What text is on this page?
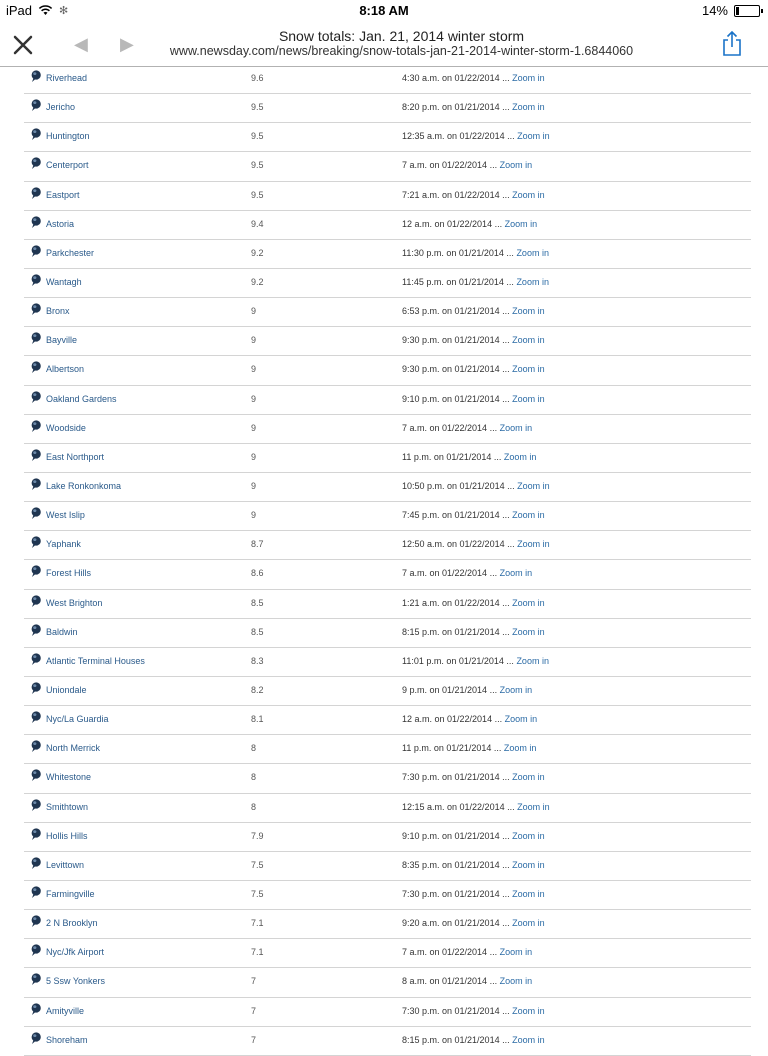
iPad ✻	8:18 AM	14%
◀ ▶	Snow totals: Jan. 21, 2014 winter storm
www.newsday.com/news/breaking/snow-totals-jan-21-2014-winter-storm-1.6844060
Riverhead	9.6	4:30 a.m. on 01/22/2014 ... Zoom in
Jericho	9.5	8:20 p.m. on 01/21/2014 ... Zoom in
Huntington	9.5	12:35 a.m. on 01/22/2014 ... Zoom in
Centerport	9.5	7 a.m. on 01/22/2014 ... Zoom in
Eastport	9.5	7:21 a.m. on 01/22/2014 ... Zoom in
Astoria	9.4	12 a.m. on 01/22/2014 ... Zoom in
Parkchester	9.2	11:30 p.m. on 01/21/2014 ... Zoom in
Wantagh	9.2	11:45 p.m. on 01/21/2014 ... Zoom in
Bronx	9	6:53 p.m. on 01/21/2014 ... Zoom in
Bayville	9	9:30 p.m. on 01/21/2014 ... Zoom in
Albertson	9	9:30 p.m. on 01/21/2014 ... Zoom in
Oakland Gardens	9	9:10 p.m. on 01/21/2014 ... Zoom in
Woodside	9	7 a.m. on 01/22/2014 ... Zoom in
East Northport	9	11 p.m. on 01/21/2014 ... Zoom in
Lake Ronkonkoma	9	10:50 p.m. on 01/21/2014 ... Zoom in
West Islip	9	7:45 p.m. on 01/21/2014 ... Zoom in
Yaphank	8.7	12:50 a.m. on 01/22/2014 ... Zoom in
Forest Hills	8.6	7 a.m. on 01/22/2014 ... Zoom in
West Brighton	8.5	1:21 a.m. on 01/22/2014 ... Zoom in
Baldwin	8.5	8:15 p.m. on 01/21/2014 ... Zoom in
Atlantic Terminal Houses	8.3	11:01 p.m. on 01/21/2014 ... Zoom in
Uniondale	8.2	9 p.m. on 01/21/2014 ... Zoom in
Nyc/La Guardia	8.1	12 a.m. on 01/22/2014 ... Zoom in
North Merrick	8	11 p.m. on 01/21/2014 ... Zoom in
Whitestone	8	7:30 p.m. on 01/21/2014 ... Zoom in
Smithtown	8	12:15 a.m. on 01/22/2014 ... Zoom in
Hollis Hills	7.9	9:10 p.m. on 01/21/2014 ... Zoom in
Levittown	7.5	8:35 p.m. on 01/21/2014 ... Zoom in
Farmingville	7.5	7:30 p.m. on 01/21/2014 ... Zoom in
2 N Brooklyn	7.1	9:20 a.m. on 01/21/2014 ... Zoom in
Nyc/Jfk Airport	7.1	7 a.m. on 01/22/2014 ... Zoom in
5 Ssw Yonkers	7	8 a.m. on 01/21/2014 ... Zoom in
Amityville	7	7:30 p.m. on 01/21/2014 ... Zoom in
Shoreham	7	8:15 p.m. on 01/21/2014 ... Zoom in
